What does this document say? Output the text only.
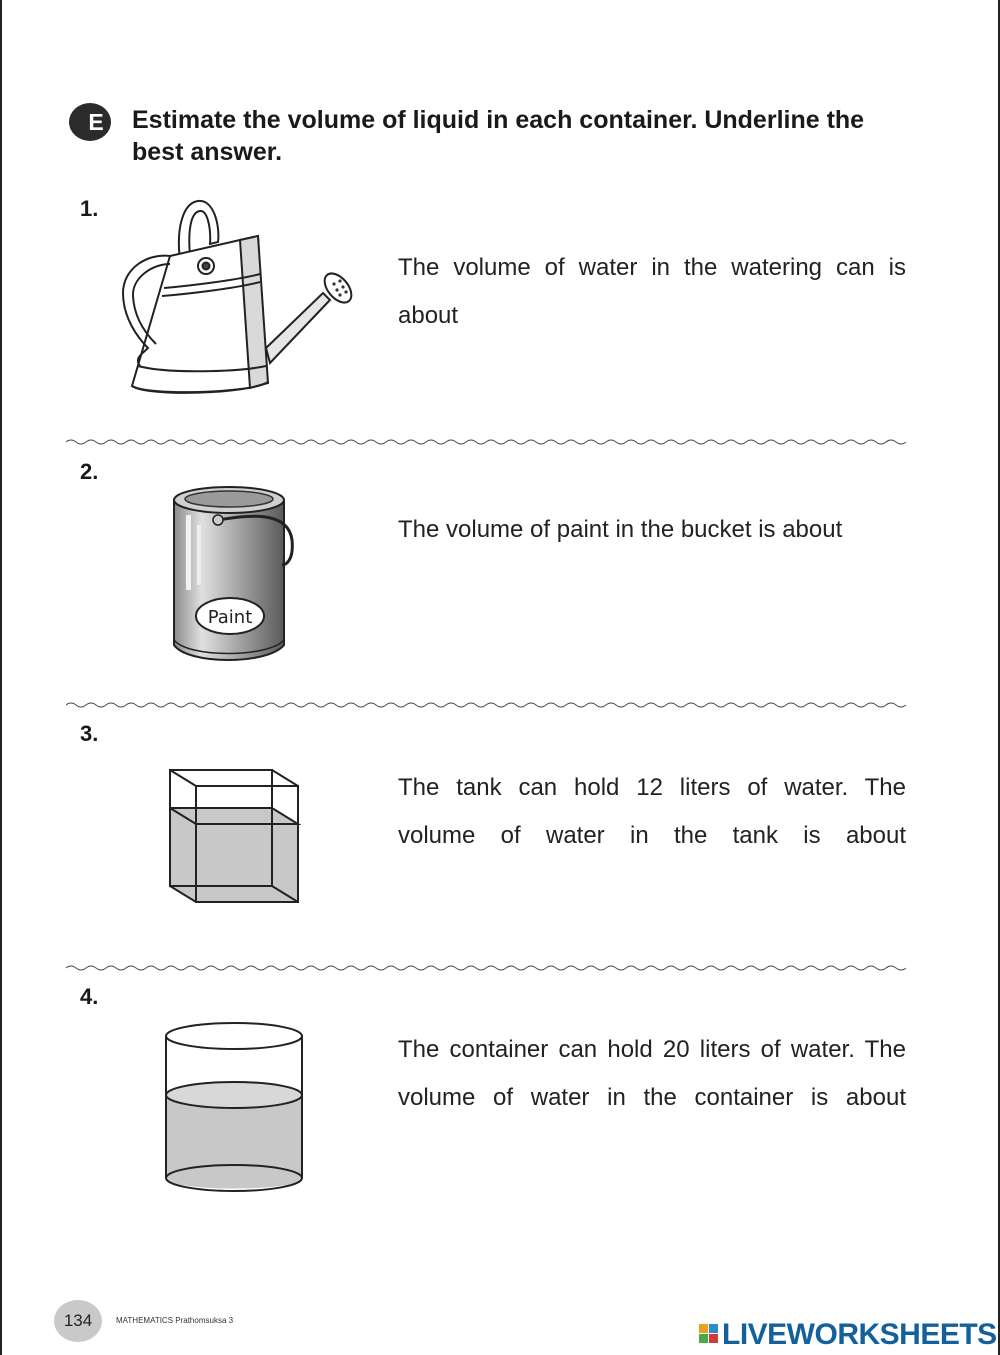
E Estimate the volume of liquid in each container. Underline the best answer.
1.
The volume of water in the watering can is about
2.
Paint
The volume of paint in the bucket is about
3.
The tank can hold 12 liters of water. The volume of water in the tank is about
4.
The container can hold 20 liters of water. The volume of water in the container is about
134	MATHEMATICS Prathomsuksa 3	LIVEWORKSHEETS
